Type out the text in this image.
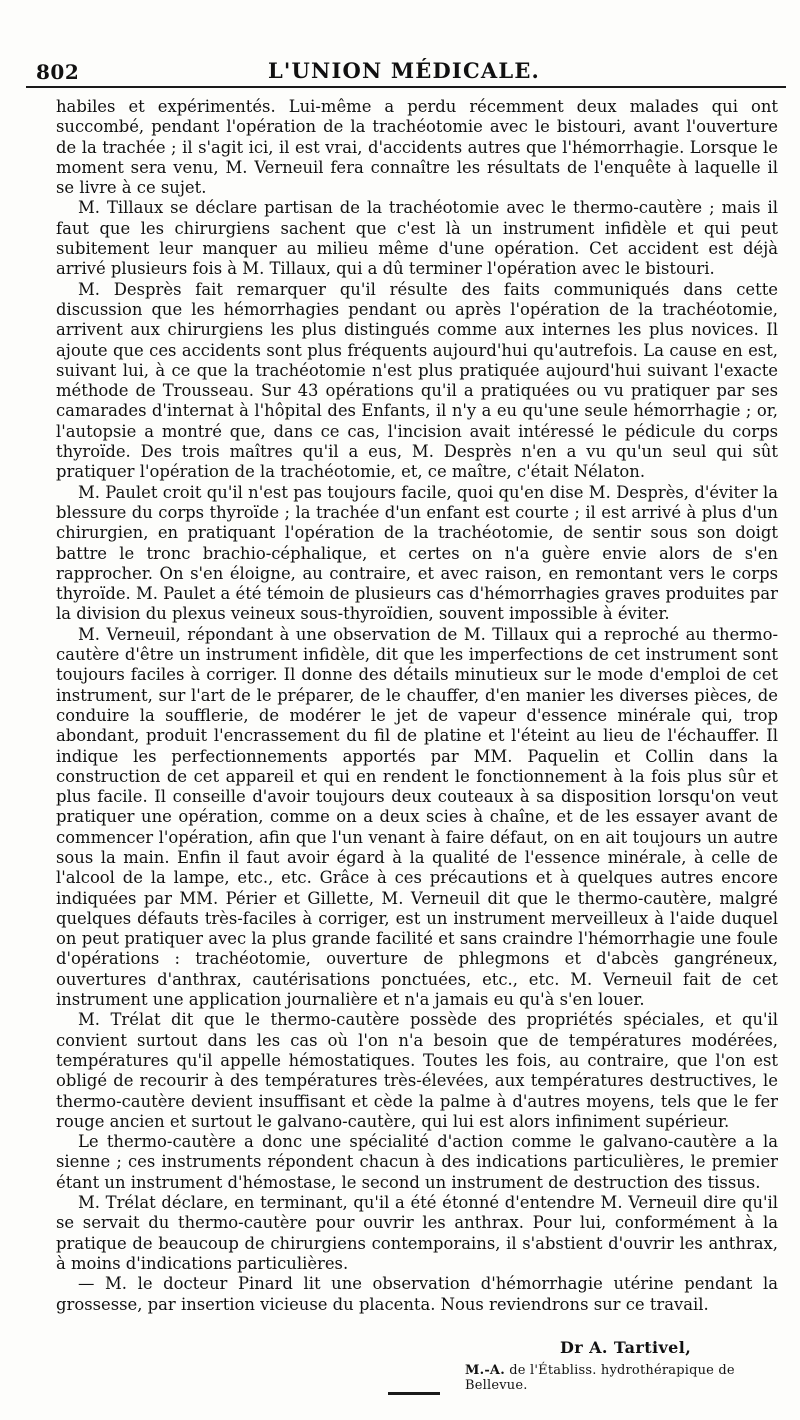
802	L'UNION MÉDICALE.

habiles et expérimentés. Lui-même a perdu récemment deux malades qui ont succombé, pendant l'opération de la trachéotomie avec le bistouri, avant l'ouverture de la trachée ; il s'agit ici, il est vrai, d'accidents autres que l'hémorrhagie. Lorsque le moment sera venu, M. Verneuil fera connaître les résultats de l'enquête à laquelle il se livre à ce sujet.

M. Tillaux se déclare partisan de la trachéotomie avec le thermo-cautère ; mais il faut que les chirurgiens sachent que c'est là un instrument infidèle et qui peut subitement leur manquer au milieu même d'une opération. Cet accident est déjà arrivé plusieurs fois à M. Tillaux, qui a dû terminer l'opération avec le bistouri.

M. Desprès fait remarquer qu'il résulte des faits communiqués dans cette discussion que les hémorrhagies pendant ou après l'opération de la trachéotomie, arrivent aux chirurgiens les plus distingués comme aux internes les plus novices. Il ajoute que ces accidents sont plus fréquents aujourd'hui qu'autrefois. La cause en est, suivant lui, à ce que la trachéotomie n'est plus pratiquée aujourd'hui suivant l'exacte méthode de Trousseau. Sur 43 opérations qu'il a pratiquées ou vu pratiquer par ses camarades d'internat à l'hôpital des Enfants, il n'y a eu qu'une seule hémorrhagie ; or, l'autopsie a montré que, dans ce cas, l'incision avait intéressé le pédicule du corps thyroïde. Des trois maîtres qu'il a eus, M. Desprès n'en a vu qu'un seul qui sût pratiquer l'opération de la trachéotomie, et, ce maître, c'était Nélaton.

M. Paulet croit qu'il n'est pas toujours facile, quoi qu'en dise M. Desprès, d'éviter la blessure du corps thyroïde ; la trachée d'un enfant est courte ; il est arrivé à plus d'un chirurgien, en pratiquant l'opération de la trachéotomie, de sentir sous son doigt battre le tronc brachio-céphalique, et certes on n'a guère envie alors de s'en rapprocher. On s'en éloigne, au contraire, et avec raison, en remontant vers le corps thyroïde. M. Paulet a été témoin de plusieurs cas d'hémorrhagies graves produites par la division du plexus veineux sous-thyroïdien, souvent impossible à éviter.

M. Verneuil, répondant à une observation de M. Tillaux qui a reproché au thermo-cautère d'être un instrument infidèle, dit que les imperfections de cet instrument sont toujours faciles à corriger. Il donne des détails minutieux sur le mode d'emploi de cet instrument, sur l'art de le préparer, de le chauffer, d'en manier les diverses pièces, de conduire la soufflerie, de modérer le jet de vapeur d'essence minérale qui, trop abondant, produit l'encrassement du fil de platine et l'éteint au lieu de l'échauffer. Il indique les perfectionnements apportés par MM. Paquelin et Collin dans la construction de cet appareil et qui en rendent le fonctionnement à la fois plus sûr et plus facile. Il conseille d'avoir toujours deux couteaux à sa disposition lorsqu'on veut pratiquer une opération, comme on a deux scies à chaîne, et de les essayer avant de commencer l'opération, afin que l'un venant à faire défaut, on en ait toujours un autre sous la main. Enfin il faut avoir égard à la qualité de l'essence minérale, à celle de l'alcool de la lampe, etc., etc. Grâce à ces précautions et à quelques autres encore indiquées par MM. Périer et Gillette, M. Verneuil dit que le thermo-cautère, malgré quelques défauts très-faciles à corriger, est un instrument merveilleux à l'aide duquel on peut pratiquer avec la plus grande facilité et sans craindre l'hémorrhagie une foule d'opérations : trachéotomie, ouverture de phlegmons et d'abcès gangréneux, ouvertures d'anthrax, cautérisations ponctuées, etc., etc. M. Verneuil fait de cet instrument une application journalière et n'a jamais eu qu'à s'en louer.

M. Trélat dit que le thermo-cautère possède des propriétés spéciales, et qu'il convient surtout dans les cas où l'on n'a besoin que de températures modérées, températures qu'il appelle hémostatiques. Toutes les fois, au contraire, que l'on est obligé de recourir à des températures très-élevées, aux températures destructives, le thermo-cautère devient insuffisant et cède la palme à d'autres moyens, tels que le fer rouge ancien et surtout le galvano-cautère, qui lui est alors infiniment supérieur.

Le thermo-cautère a donc une spécialité d'action comme le galvano-cautère a la sienne ; ces instruments répondent chacun à des indications particulières, le premier étant un instrument d'hémostase, le second un instrument de destruction des tissus.

M. Trélat déclare, en terminant, qu'il a été étonné d'entendre M. Verneuil dire qu'il se servait du thermo-cautère pour ouvrir les anthrax. Pour lui, conformément à la pratique de beaucoup de chirurgiens contemporains, il s'abstient d'ouvrir les anthrax, à moins d'indications particulières.

— M. le docteur Pinard lit une observation d'hémorrhagie utérine pendant la grossesse, par insertion vicieuse du placenta. Nous reviendrons sur ce travail.

Dr A. Tartivel,
M.-A. de l'Établiss. hydrothérapique de Bellevue.
